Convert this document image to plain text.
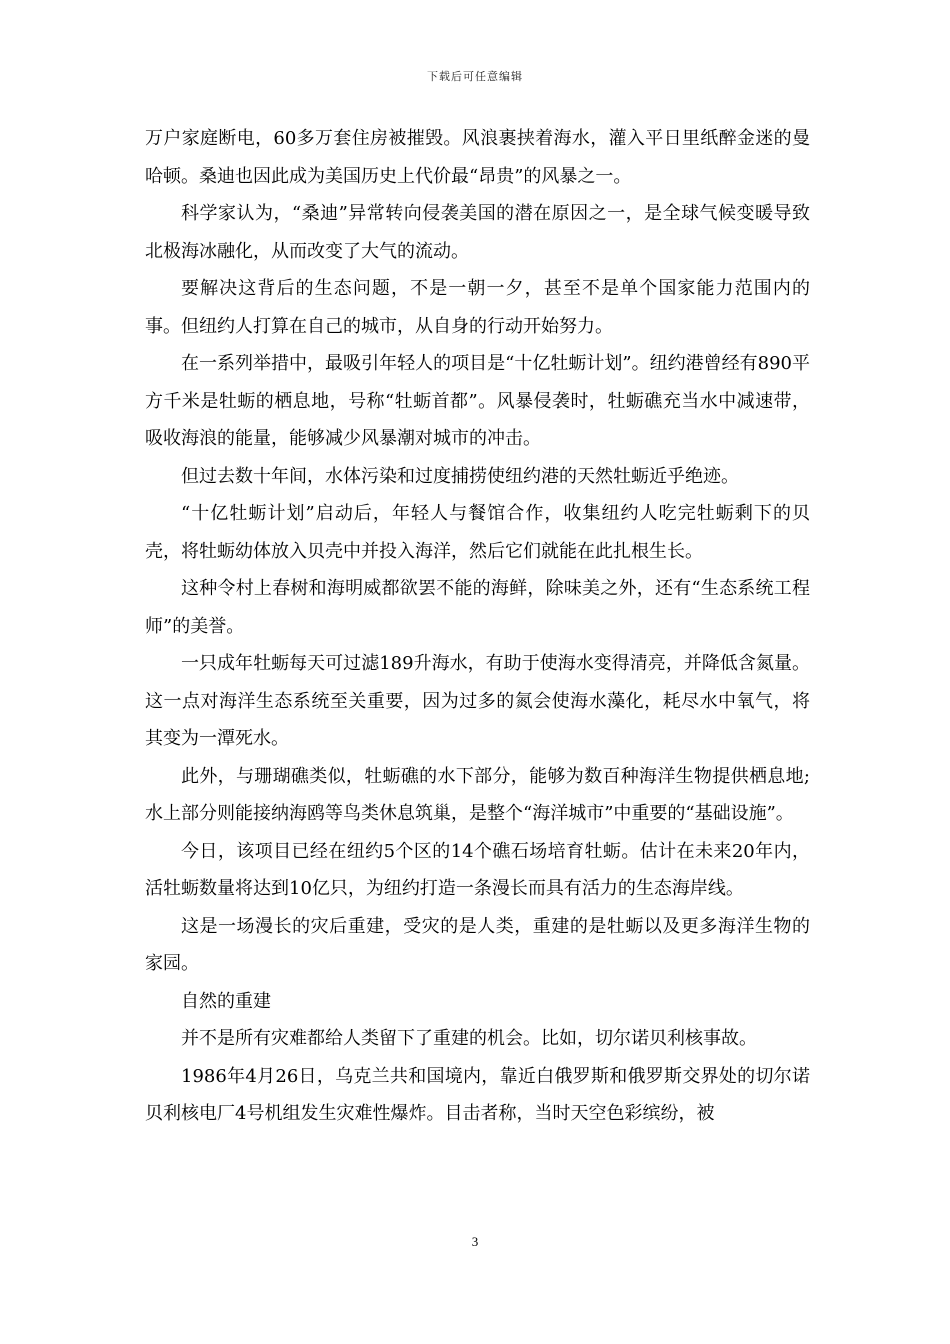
下载后可任意编辑

万户家庭断电，60多万套住房被摧毁。风浪裹挟着海水，灌入平日里纸醉金迷的曼哈顿。桑迪也因此成为美国历史上代价最“昂贵”的风暴之一。

科学家认为，“桑迪”异常转向侵袭美国的潜在原因之一，是全球气候变暖导致北极海冰融化，从而改变了大气的流动。

要解决这背后的生态问题，不是一朝一夕，甚至不是单个国家能力范围内的事。但纽约人打算在自己的城市，从自身的行动开始努力。

在一系列举措中，最吸引年轻人的项目是“十亿牡蛎计划”。纽约港曾经有890平方千米是牡蛎的栖息地，号称“牡蛎首都”。风暴侵袭时，牡蛎礁充当水中减速带，吸收海浪的能量，能够减少风暴潮对城市的冲击。

但过去数十年间，水体污染和过度捕捞使纽约港的天然牡蛎近乎绝迹。

“十亿牡蛎计划”启动后，年轻人与餐馆合作，收集纽约人吃完牡蛎剩下的贝壳，将牡蛎幼体放入贝壳中并投入海洋，然后它们就能在此扎根生长。

这种令村上春树和海明威都欲罢不能的海鲜，除味美之外，还有“生态系统工程师”的美誉。

一只成年牡蛎每天可过滤189升海水，有助于使海水变得清亮，并降低含氮量。这一点对海洋生态系统至关重要，因为过多的氮会使海水藻化，耗尽水中氧气，将其变为一潭死水。

此外，与珊瑚礁类似，牡蛎礁的水下部分，能够为数百种海洋生物提供栖息地;水上部分则能接纳海鸥等鸟类休息筑巢，是整个“海洋城市”中重要的“基础设施”。

今日，该项目已经在纽约5个区的14个礁石场培育牡蛎。估计在未来20年内，活牡蛎数量将达到10亿只，为纽约打造一条漫长而具有活力的生态海岸线。

这是一场漫长的灾后重建，受灾的是人类，重建的是牡蛎以及更多海洋生物的家园。

自然的重建

并不是所有灾难都给人类留下了重建的机会。比如，切尔诺贝利核事故。

1986年4月26日，乌克兰共和国境内，靠近白俄罗斯和俄罗斯交界处的切尔诺贝利核电厂4号机组发生灾难性爆炸。目击者称，当时天空色彩缤纷，被

3
